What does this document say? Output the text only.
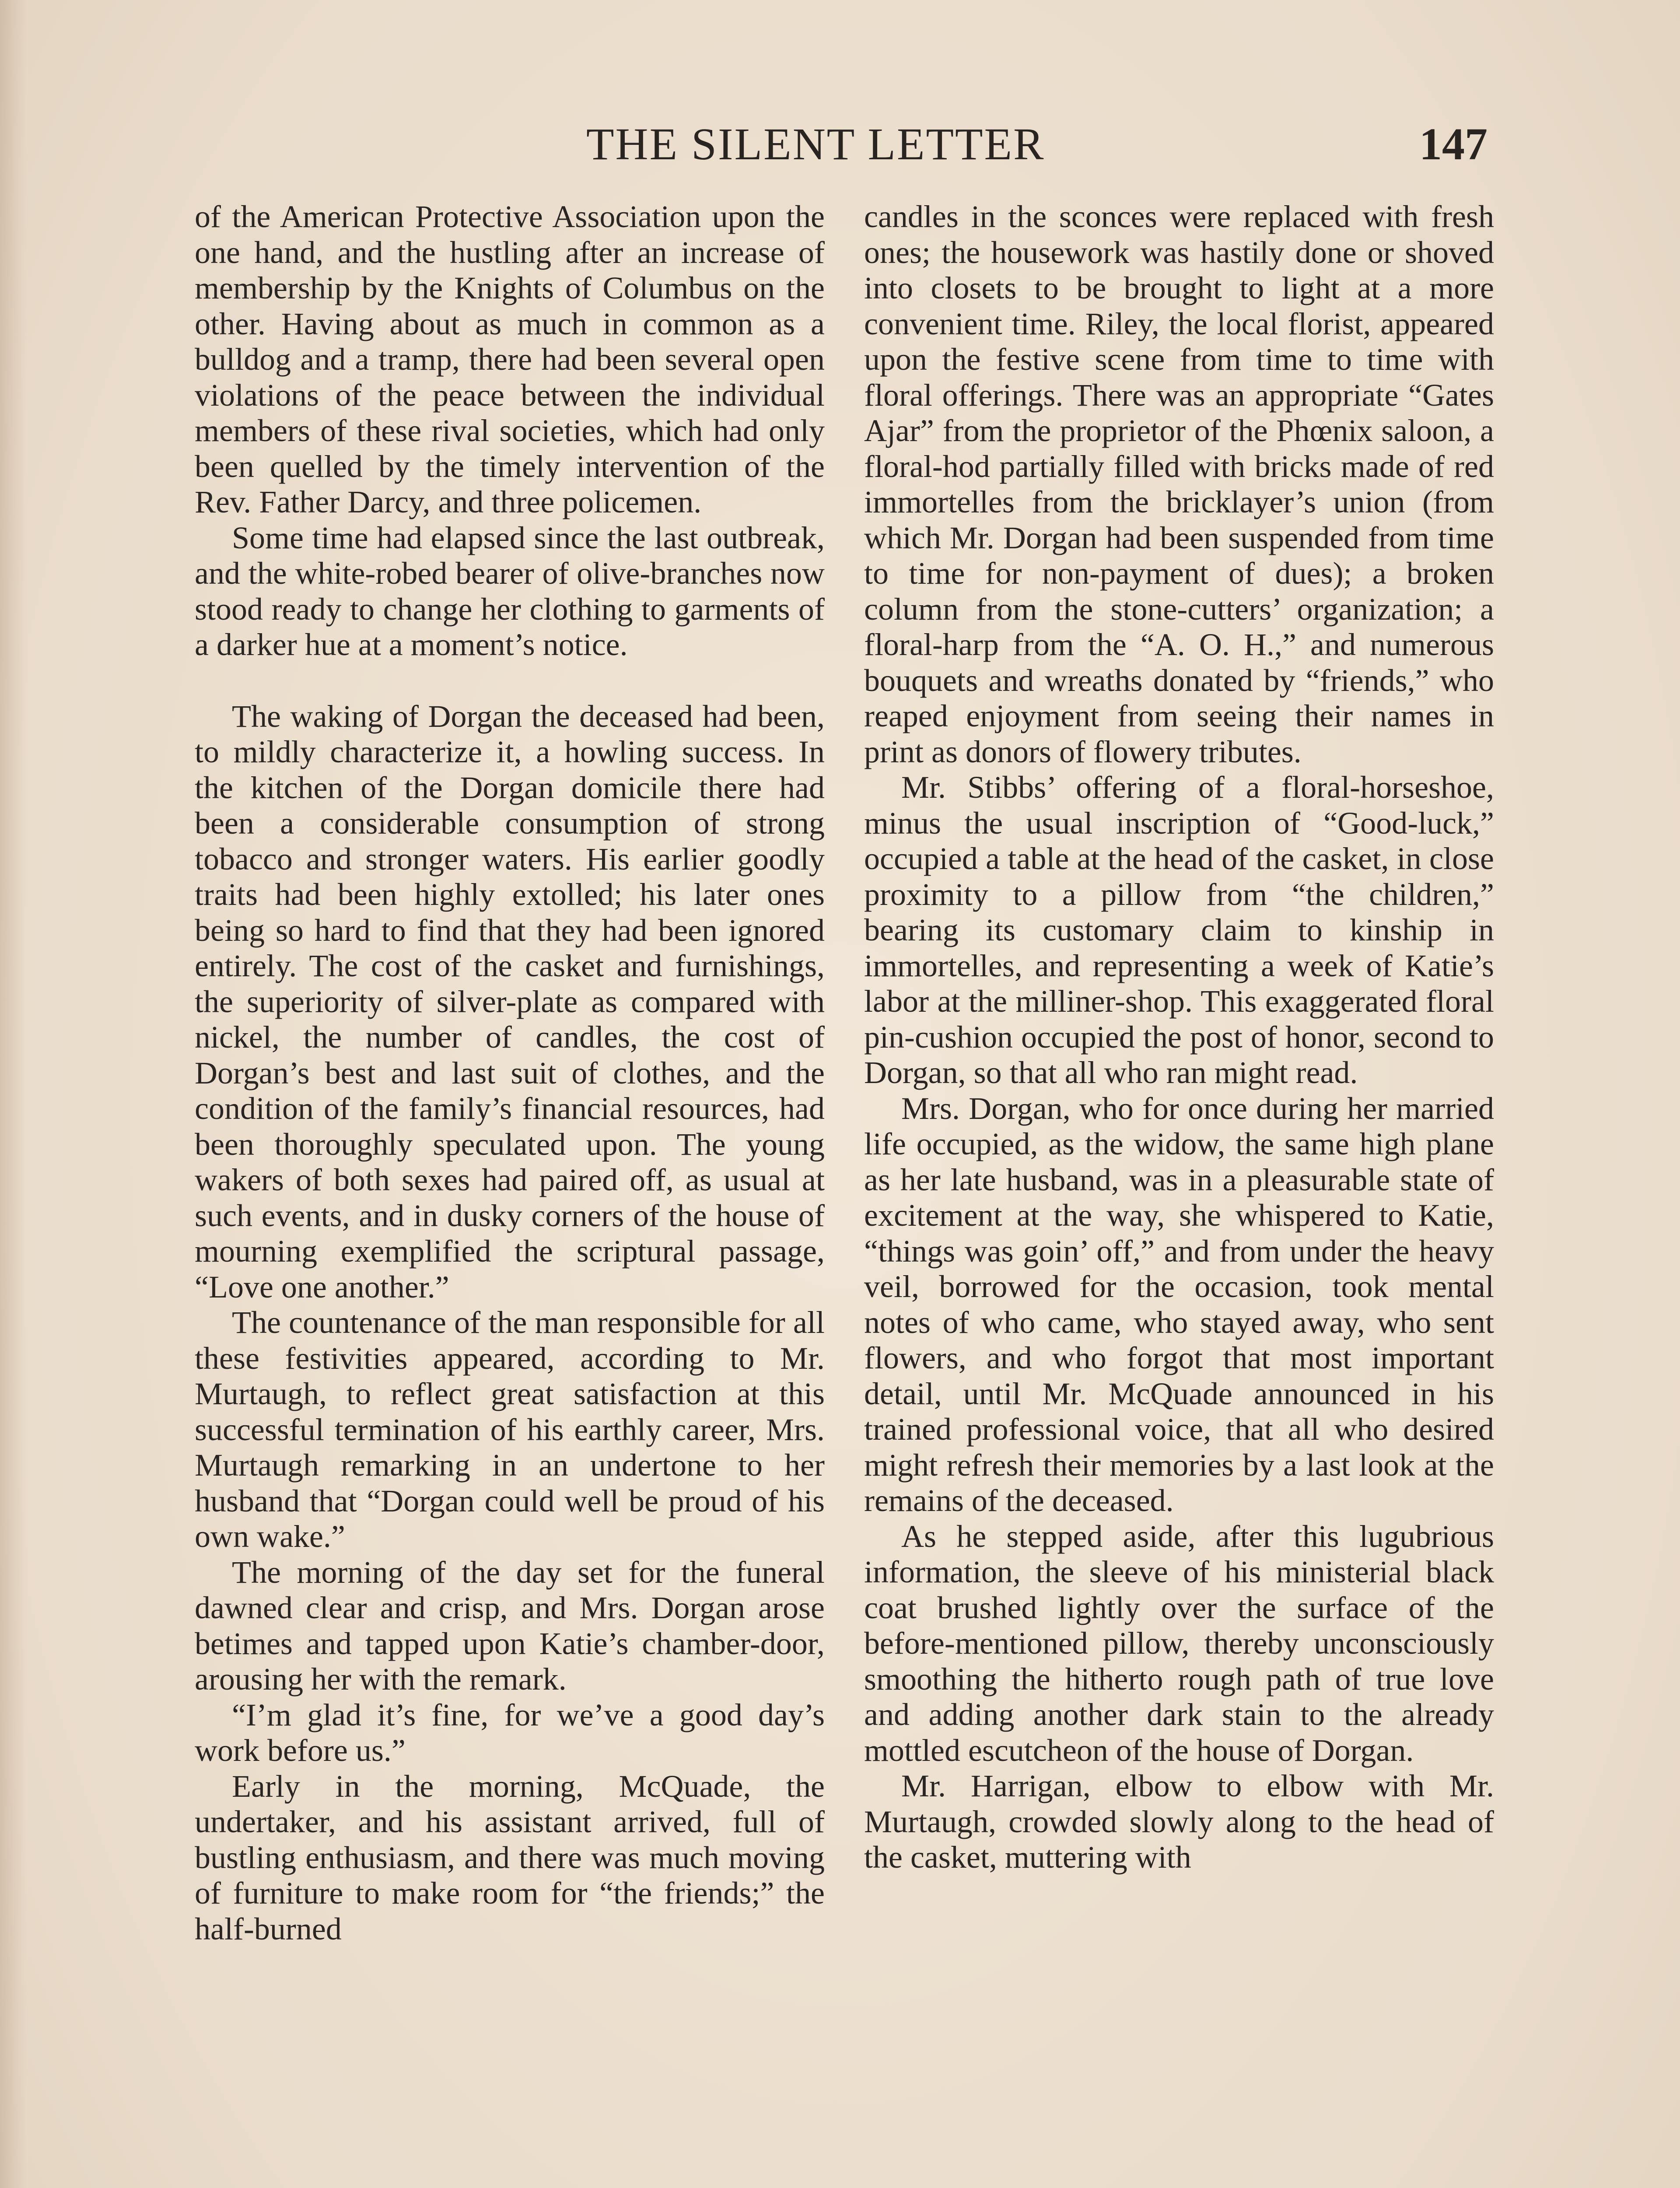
THE SILENT LETTER	147

of the American Protective Association upon the one hand, and the hustling after an increase of membership by the Knights of Columbus on the other. Having about as much in common as a bulldog and a tramp, there had been several open violations of the peace between the individual members of these rival societies, which had only been quelled by the timely intervention of the Rev. Father Darcy, and three policemen.

Some time had elapsed since the last outbreak, and the white-robed bearer of olive-branches now stood ready to change her clothing to garments of a darker hue at a moment’s notice.

The waking of Dorgan the deceased had been, to mildly characterize it, a howling success. In the kitchen of the Dorgan domicile there had been a considerable consumption of strong tobacco and stronger waters. His earlier goodly traits had been highly extolled; his later ones being so hard to find that they had been ignored entirely. The cost of the casket and furnishings, the superiority of silver-plate as compared with nickel, the number of candles, the cost of Dorgan’s best and last suit of clothes, and the condition of the family’s financial resources, had been thoroughly speculated upon. The young wakers of both sexes had paired off, as usual at such events, and in dusky corners of the house of mourning exemplified the scriptural passage, “Love one another.”

The countenance of the man responsible for all these festivities appeared, according to Mr. Murtaugh, to reflect great satisfaction at this successful termination of his earthly career, Mrs. Murtaugh remarking in an undertone to her husband that “Dorgan could well be proud of his own wake.”

The morning of the day set for the funeral dawned clear and crisp, and Mrs. Dorgan arose betimes and tapped upon Katie’s chamber-door, arousing her with the remark.

“I’m glad it’s fine, for we’ve a good day’s work before us.”

Early in the morning, McQuade, the undertaker, and his assistant arrived, full of bustling enthusiasm, and there was much moving of furniture to make room for “the friends;” the half-burned

candles in the sconces were replaced with fresh ones; the housework was hastily done or shoved into closets to be brought to light at a more convenient time. Riley, the local florist, appeared upon the festive scene from time to time with floral offerings. There was an appropriate “Gates Ajar” from the proprietor of the Phœnix saloon, a floral-hod partially filled with bricks made of red immortelles from the bricklayer’s union (from which Mr. Dorgan had been suspended from time to time for non-payment of dues); a broken column from the stone-cutters’ organization; a floral-harp from the “A. O. H.,” and numerous bouquets and wreaths donated by “friends,” who reaped enjoyment from seeing their names in print as donors of flowery tributes.

Mr. Stibbs’ offering of a floral-horseshoe, minus the usual inscription of “Good-luck,” occupied a table at the head of the casket, in close proximity to a pillow from “the children,” bearing its customary claim to kinship in immortelles, and representing a week of Katie’s labor at the milliner-shop. This exaggerated floral pin-cushion occupied the post of honor, second to Dorgan, so that all who ran might read.

Mrs. Dorgan, who for once during her married life occupied, as the widow, the same high plane as her late husband, was in a pleasurable state of excitement at the way, she whispered to Katie, “things was goin’ off,” and from under the heavy veil, borrowed for the occasion, took mental notes of who came, who stayed away, who sent flowers, and who forgot that most important detail, until Mr. McQuade announced in his trained professional voice, that all who desired might refresh their memories by a last look at the remains of the deceased.

As he stepped aside, after this lugubrious information, the sleeve of his ministerial black coat brushed lightly over the surface of the before-mentioned pillow, thereby unconsciously smoothing the hitherto rough path of true love and adding another dark stain to the already mottled escutcheon of the house of Dorgan.

Mr. Harrigan, elbow to elbow with Mr. Murtaugh, crowded slowly along to the head of the casket, muttering with
